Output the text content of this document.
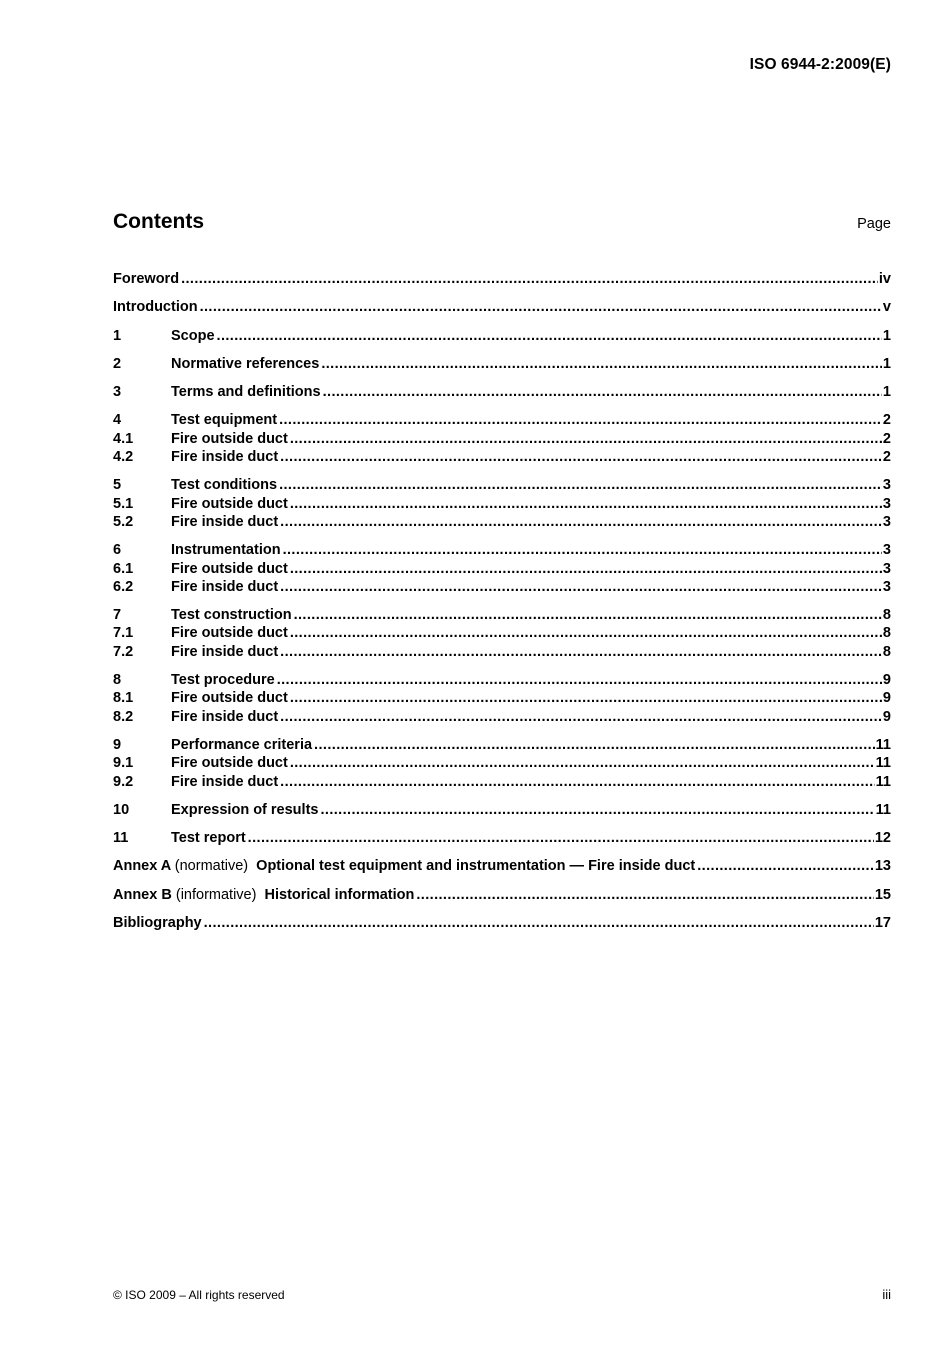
ISO 6944-2:2009(E)
Contents	Page
Foreword .....	iv
Introduction .....	v
1	Scope .....	1
2	Normative references .....	1
3	Terms and definitions .....	1
4	Test equipment .....	2
4.1	Fire outside duct .....	2
4.2	Fire inside duct .....	2
5	Test conditions .....	3
5.1	Fire outside duct .....	3
5.2	Fire inside duct .....	3
6	Instrumentation .....	3
6.1	Fire outside duct .....	3
6.2	Fire inside duct .....	3
7	Test construction .....	8
7.1	Fire outside duct .....	8
7.2	Fire inside duct .....	8
8	Test procedure .....	9
8.1	Fire outside duct .....	9
8.2	Fire inside duct .....	9
9	Performance criteria .....	11
9.1	Fire outside duct .....	11
9.2	Fire inside duct .....	11
10	Expression of results .....	11
11	Test report .....	12
Annex A (normative) Optional test equipment and instrumentation — Fire inside duct .....	13
Annex B (informative) Historical information .....	15
Bibliography .....	17
© ISO 2009 – All rights reserved	iii
